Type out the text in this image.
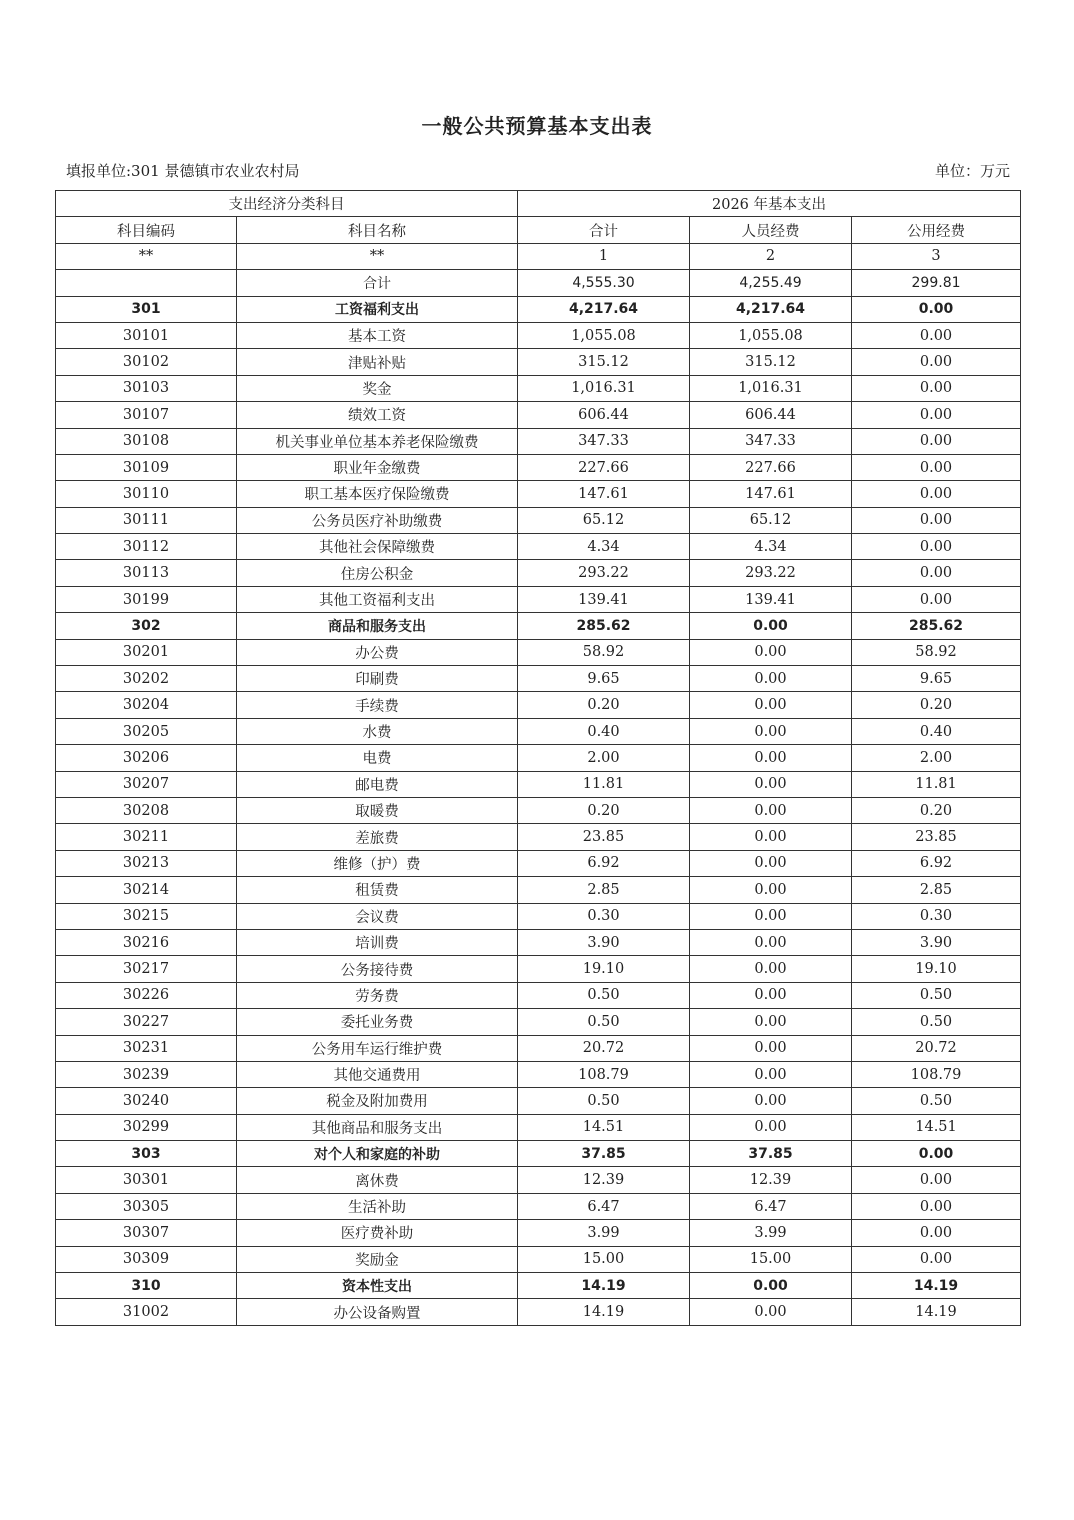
一般公共预算基本支出表
填报单位:301 景德镇市农业农村局	单位：万元
支出经济分类科目		2026 年基本支出		
科目编码	科目名称	合计	人员经费	公用经费
**	**	1	2	3
	合计	4,555.30	4,255.49	299.81
301	工资福利支出	4,217.64	4,217.64	0.00
30101	基本工资	1,055.08	1,055.08	0.00
30102	津贴补贴	315.12	315.12	0.00
30103	奖金	1,016.31	1,016.31	0.00
30107	绩效工资	606.44	606.44	0.00
30108	机关事业单位基本养老保险缴费	347.33	347.33	0.00
30109	职业年金缴费	227.66	227.66	0.00
30110	职工基本医疗保险缴费	147.61	147.61	0.00
30111	公务员医疗补助缴费	65.12	65.12	0.00
30112	其他社会保障缴费	4.34	4.34	0.00
30113	住房公积金	293.22	293.22	0.00
30199	其他工资福利支出	139.41	139.41	0.00
302	商品和服务支出	285.62	0.00	285.62
30201	办公费	58.92	0.00	58.92
30202	印刷费	9.65	0.00	9.65
30204	手续费	0.20	0.00	0.20
30205	水费	0.40	0.00	0.40
30206	电费	2.00	0.00	2.00
30207	邮电费	11.81	0.00	11.81
30208	取暖费	0.20	0.00	0.20
30211	差旅费	23.85	0.00	23.85
30213	维修（护）费	6.92	0.00	6.92
30214	租赁费	2.85	0.00	2.85
30215	会议费	0.30	0.00	0.30
30216	培训费	3.90	0.00	3.90
30217	公务接待费	19.10	0.00	19.10
30226	劳务费	0.50	0.00	0.50
30227	委托业务费	0.50	0.00	0.50
30231	公务用车运行维护费	20.72	0.00	20.72
30239	其他交通费用	108.79	0.00	108.79
30240	税金及附加费用	0.50	0.00	0.50
30299	其他商品和服务支出	14.51	0.00	14.51
303	对个人和家庭的补助	37.85	37.85	0.00
30301	离休费	12.39	12.39	0.00
30305	生活补助	6.47	6.47	0.00
30307	医疗费补助	3.99	3.99	0.00
30309	奖励金	15.00	15.00	0.00
310	资本性支出	14.19	0.00	14.19
31002	办公设备购置	14.19	0.00	14.19
